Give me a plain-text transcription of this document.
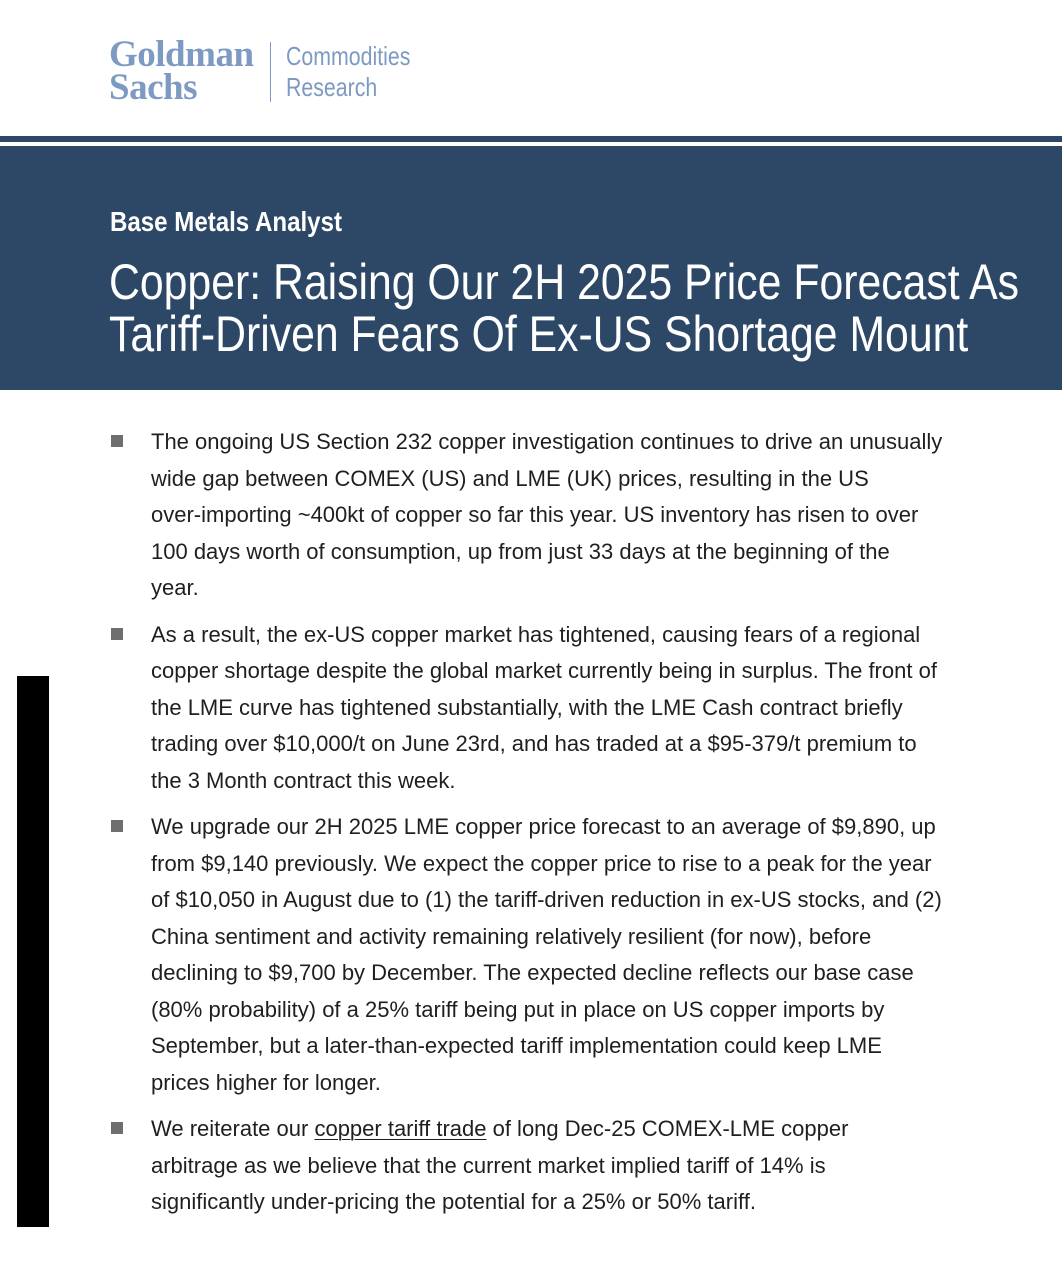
Goldman
Sachs
Commodities
Research
Base Metals Analyst
Copper: Raising Our 2H 2025 Price Forecast As
Tariff-Driven Fears Of Ex-US Shortage Mount
The ongoing US Section 232 copper investigation continues to drive an unusually
wide gap between COMEX (US) and LME (UK) prices, resulting in the US
over-importing ~400kt of copper so far this year. US inventory has risen to over
100 days worth of consumption, up from just 33 days at the beginning of the
year.
As a result, the ex-US copper market has tightened, causing fears of a regional
copper shortage despite the global market currently being in surplus. The front of
the LME curve has tightened substantially, with the LME Cash contract briefly
trading over $10,000/t on June 23rd, and has traded at a $95-379/t premium to
the 3 Month contract this week.
We upgrade our 2H 2025 LME copper price forecast to an average of $9,890, up
from $9,140 previously. We expect the copper price to rise to a peak for the year
of $10,050 in August due to (1) the tariff-driven reduction in ex-US stocks, and (2)
China sentiment and activity remaining relatively resilient (for now), before
declining to $9,700 by December. The expected decline reflects our base case
(80% probability) of a 25% tariff being put in place on US copper imports by
September, but a later-than-expected tariff implementation could keep LME
prices higher for longer.
We reiterate our copper tariff trade of long Dec-25 COMEX-LME copper
arbitrage as we believe that the current market implied tariff of 14% is
significantly under-pricing the potential for a 25% or 50% tariff.
